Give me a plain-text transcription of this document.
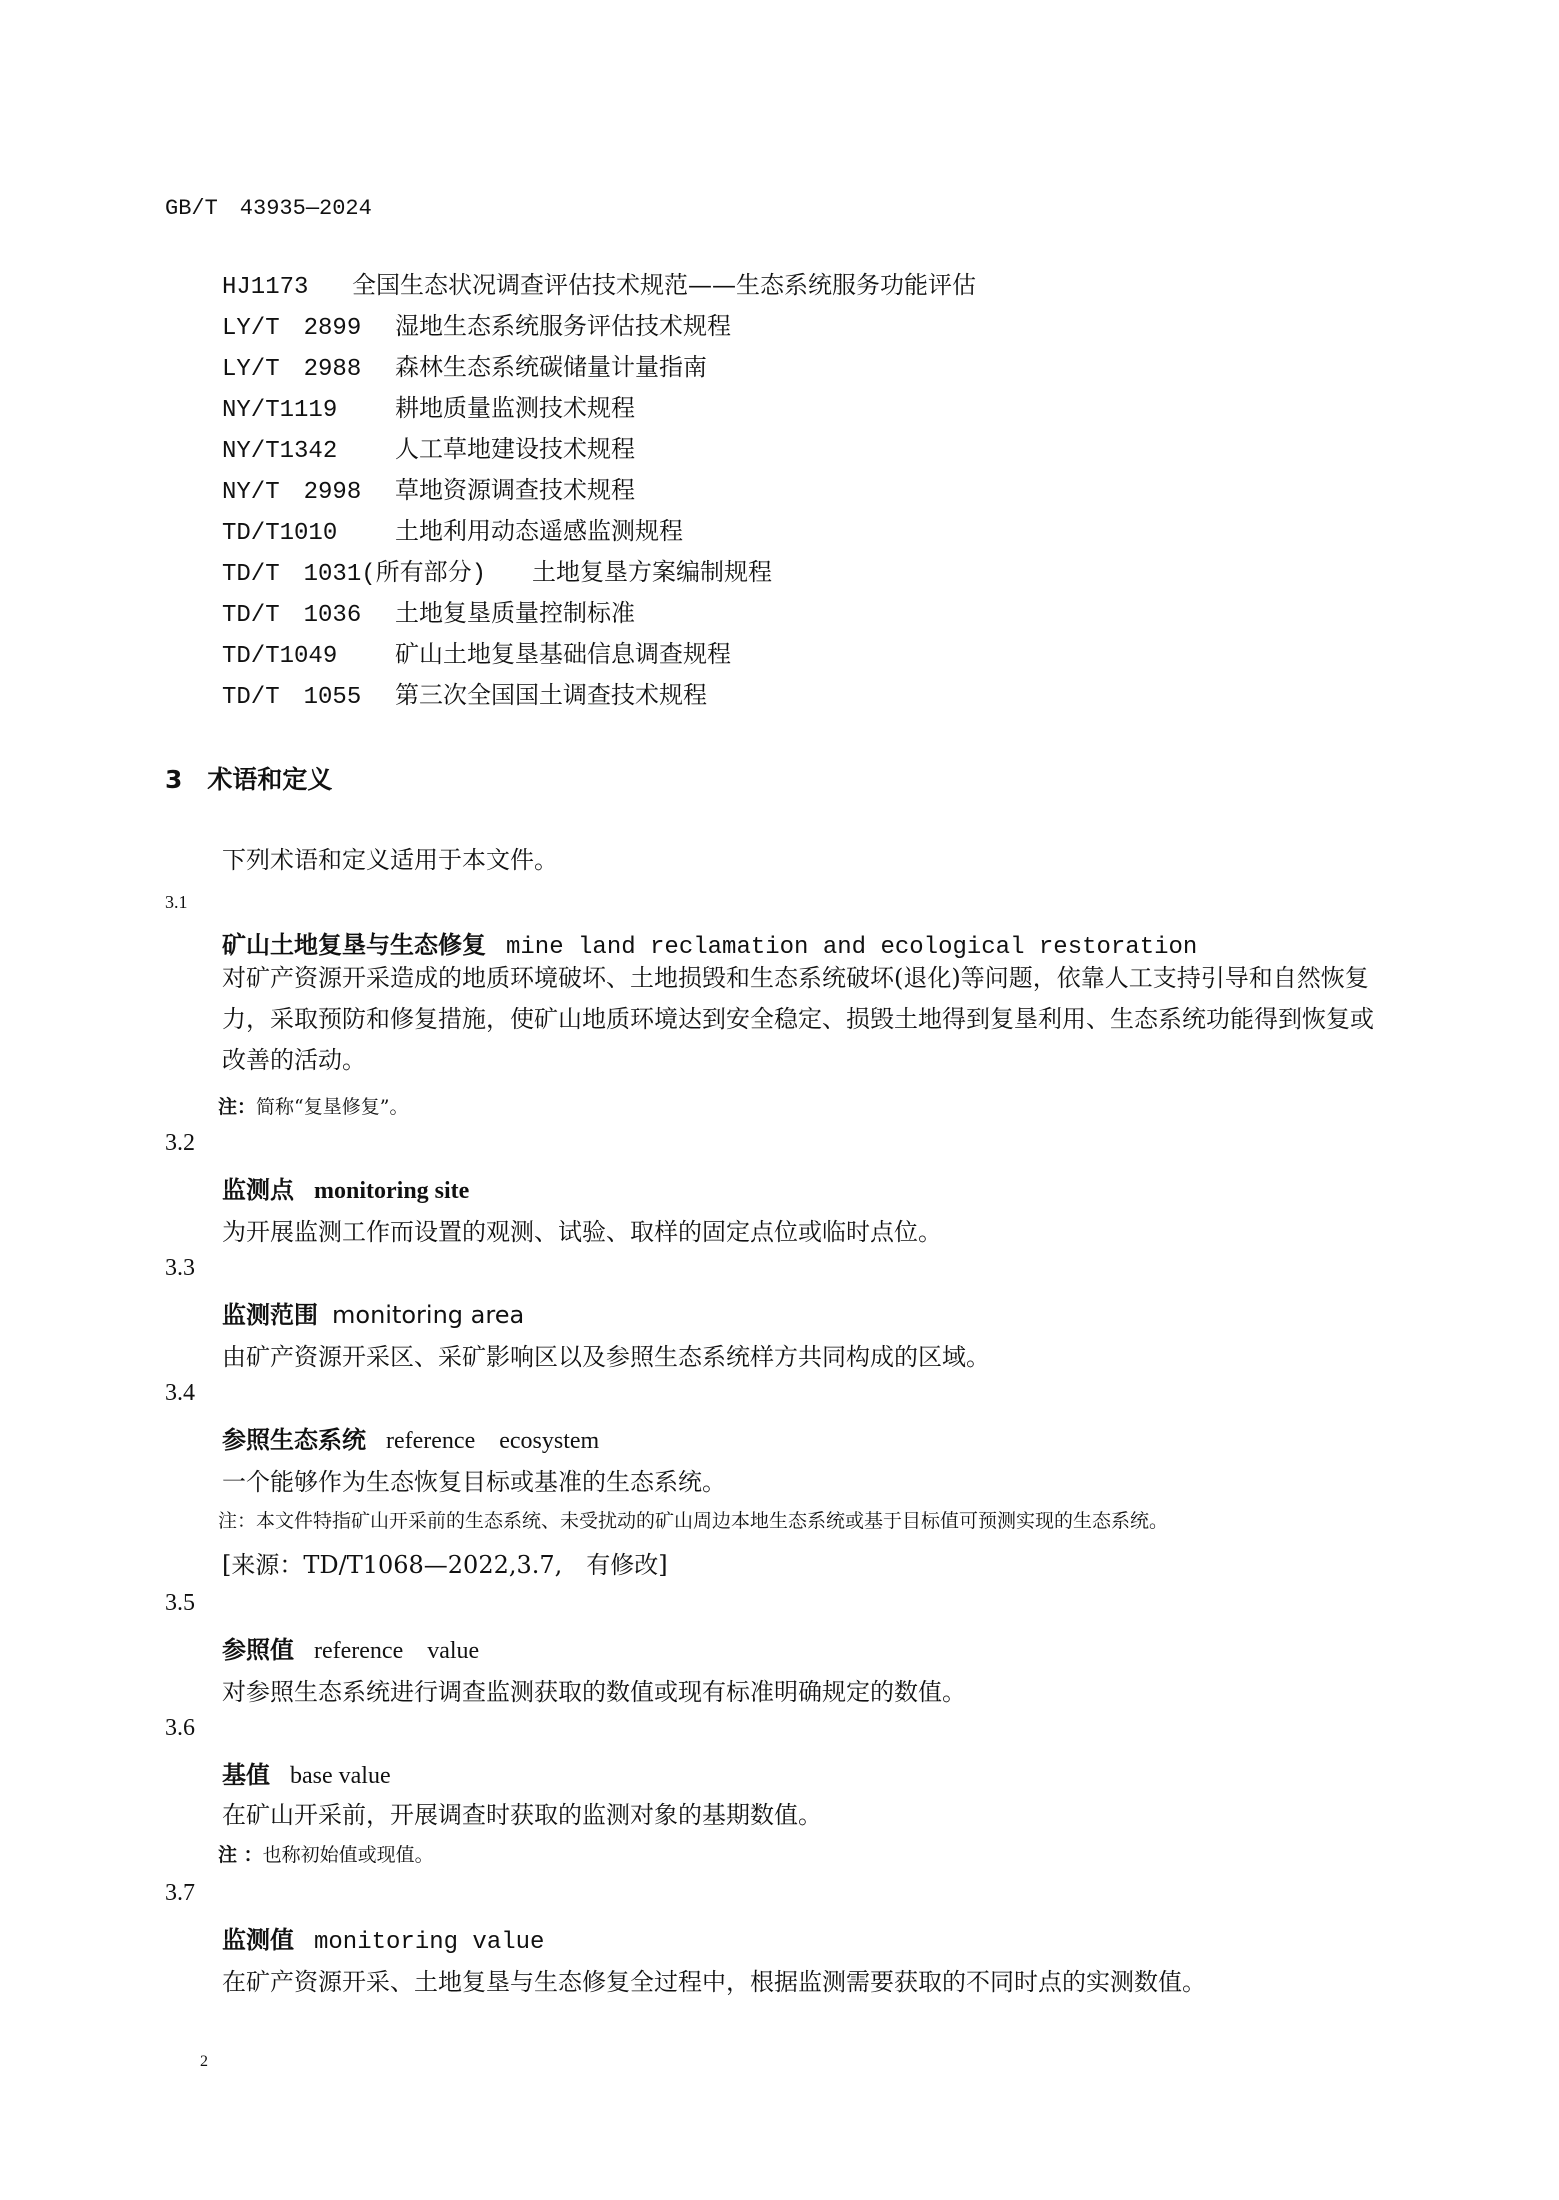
GB/T　43935—2024
HJ1173 全国生态状况调查评估技术规范——生态系统服务功能评估
LY/T　2899 湿地生态系统服务评估技术规程
LY/T　2988 森林生态系统碳储量计量指南
NY/T1119 耕地质量监测技术规程
NY/T1342 人工草地建设技术规程
NY/T　2998 草地资源调查技术规程
TD/T1010 土地利用动态遥感监测规程
TD/T　1031(所有部分) 土地复垦方案编制规程
TD/T　1036 土地复垦质量控制标准
TD/T1049 矿山土地复垦基础信息调查规程
TD/T　1055 第三次全国国土调查技术规程
3　术语和定义
下列术语和定义适用于本文件。
3.1
矿山土地复垦与生态修复 mine land reclamation and ecological restoration
对矿产资源开采造成的地质环境破坏、土地损毁和生态系统破坏(退化)等问题，依靠人工支持引导和自然恢复力，采取预防和修复措施，使矿山地质环境达到安全稳定、损毁土地得到复垦利用、生态系统功能得到恢复或改善的活动。
注：简称“复垦修复”。
3.2
监测点 monitoring site
为开展监测工作而设置的观测、试验、取样的固定点位或临时点位。
3.3
监测范围 monitoring area
由矿产资源开采区、采矿影响区以及参照生态系统样方共同构成的区域。
3.4
参照生态系统 reference　ecosystem
一个能够作为生态恢复目标或基准的生态系统。
注：本文件特指矿山开采前的生态系统、未受扰动的矿山周边本地生态系统或基于目标值可预测实现的生态系统。
[来源：TD/T1068—2022,3.7,　有修改]
3.5
参照值 reference　value
对参照生态系统进行调查监测获取的数值或现有标准明确规定的数值。
3.6
基值 base value
在矿山开采前，开展调查时获取的监测对象的基期数值。
注 ：也称初始值或现值。
3.7
监测值 monitoring value
在矿产资源开采、土地复垦与生态修复全过程中，根据监测需要获取的不同时点的实测数值。
2
